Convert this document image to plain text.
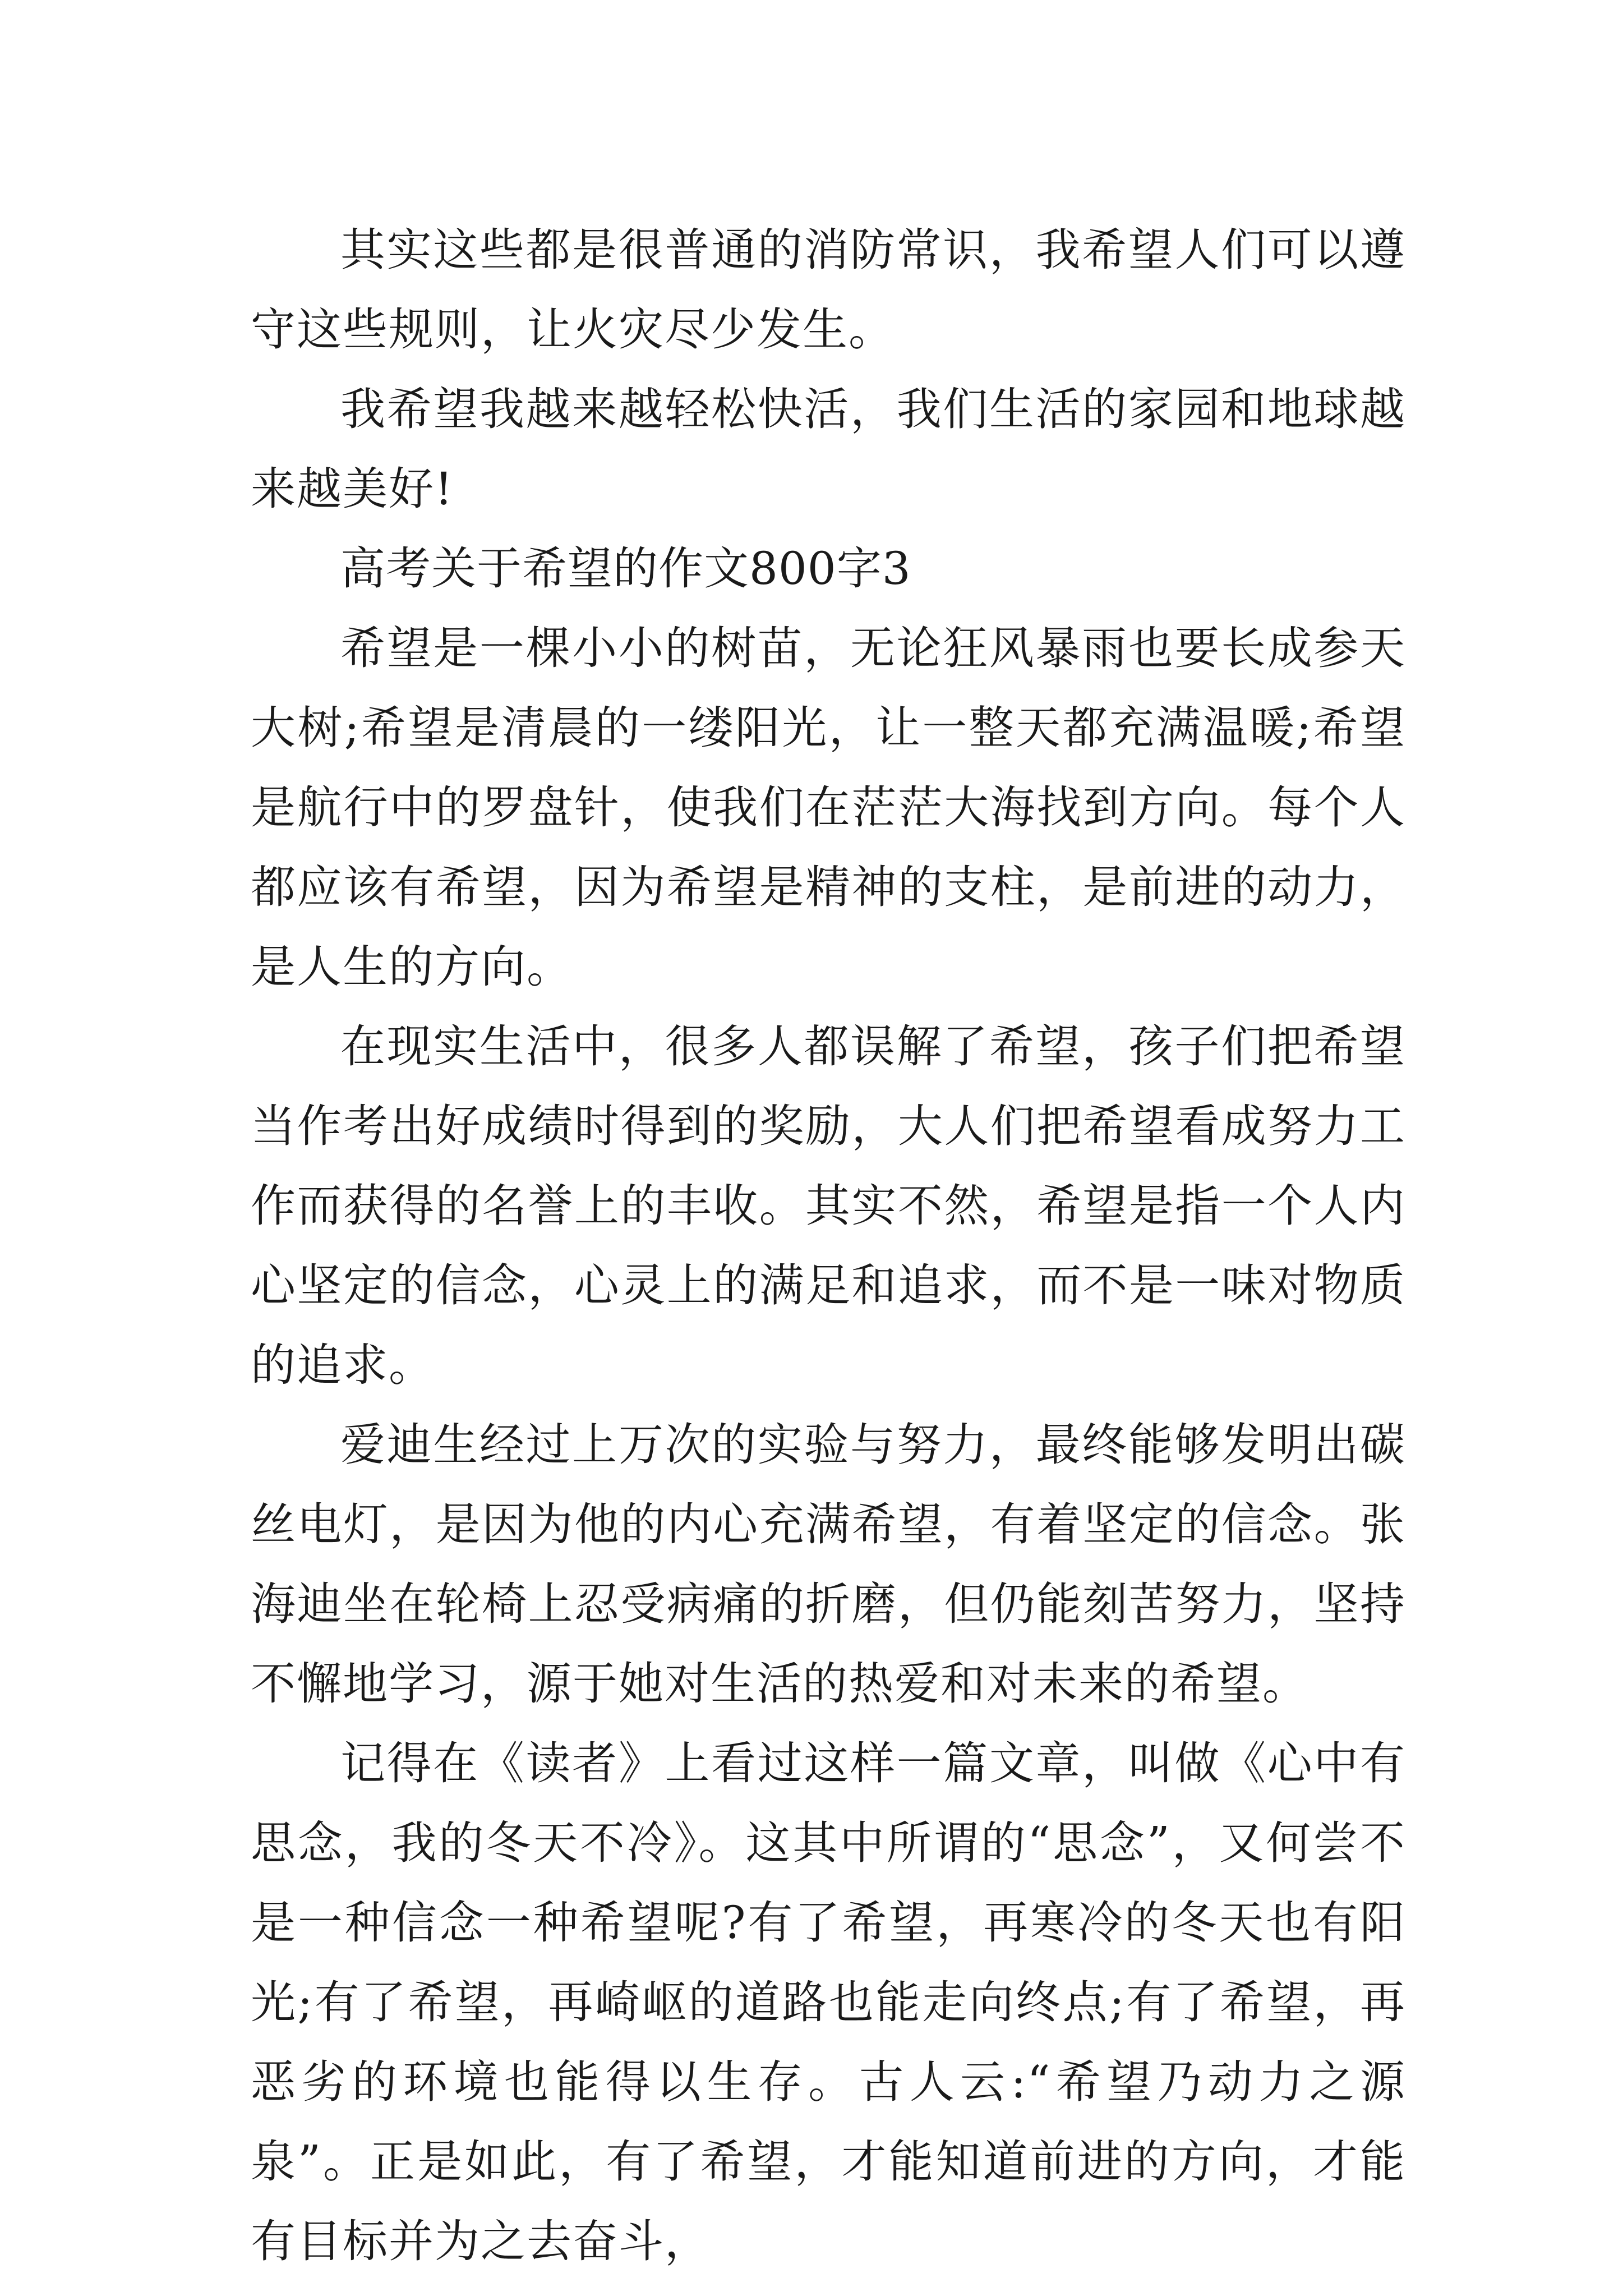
其实这些都是很普通的消防常识，我希望人们可以遵守这些规则，让火灾尽少发生。

我希望我越来越轻松快活，我们生活的家园和地球越来越美好!

高考关于希望的作文800字3

希望是一棵小小的树苗，无论狂风暴雨也要长成参天大树;希望是清晨的一缕阳光，让一整天都充满温暖;希望是航行中的罗盘针，使我们在茫茫大海找到方向。每个人都应该有希望，因为希望是精神的支柱，是前进的动力，是人生的方向。

在现实生活中，很多人都误解了希望，孩子们把希望当作考出好成绩时得到的奖励，大人们把希望看成努力工作而获得的名誉上的丰收。其实不然，希望是指一个人内心坚定的信念，心灵上的满足和追求，而不是一味对物质的追求。

爱迪生经过上万次的实验与努力，最终能够发明出碳丝电灯，是因为他的内心充满希望，有着坚定的信念。张海迪坐在轮椅上忍受病痛的折磨，但仍能刻苦努力，坚持不懈地学习，源于她对生活的热爱和对未来的希望。

记得在《读者》上看过这样一篇文章，叫做《心中有思念，我的冬天不冷》。这其中所谓的“思念”，又何尝不是一种信念一种希望呢?有了希望，再寒冷的冬天也有阳光;有了希望，再崎岖的道路也能走向终点;有了希望，再恶劣的环境也能得以生存。古人云:“希望乃动力之源泉”。正是如此，有了希望，才能知道前进的方向，才能有目标并为之去奋斗，
